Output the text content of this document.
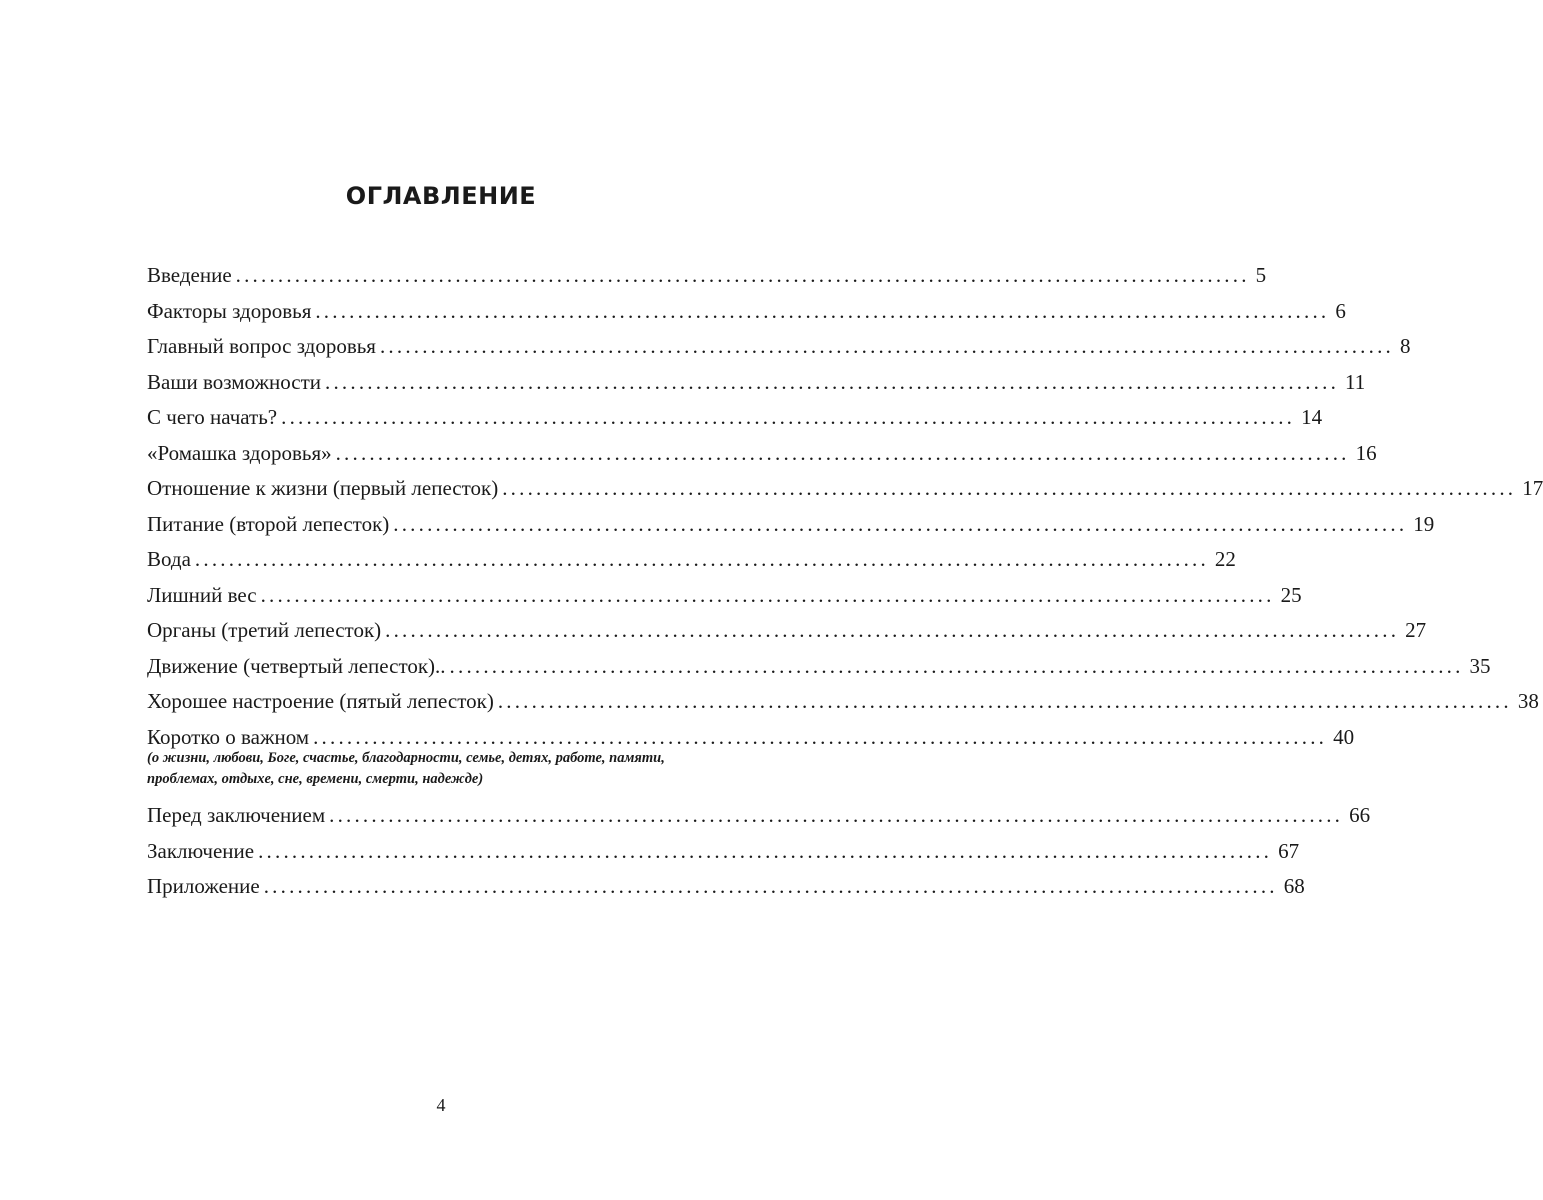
ОГЛАВЛЕНИЕ
Введение ........................................................................................................................ 5
Факторы здоровья ........................................................................................................................ 6
Главный вопрос здоровья ........................................................................................................................ 8
Ваши возможности ........................................................................................................................ 11
С чего начать? ........................................................................................................................ 14
«Ромашка здоровья» ........................................................................................................................ 16
Отношение к жизни (первый лепесток) ........................................................................................................................ 17
Питание (второй лепесток) ........................................................................................................................ 19
Вода ........................................................................................................................ 22
Лишний вес ........................................................................................................................ 25
Органы (третий лепесток) ........................................................................................................................ 27
Движение (четвертый лепесток).. ........................................................................................................................ 35
Хорошее настроение (пятый лепесток) ........................................................................................................................ 38
Коротко о важном ........................................................................................................................ 40
(о жизни, любови, Боге, счастье, благодарности, семье, детях, работе, памяти, проблемах, отдыхе, сне, времени, смерти, надежде)
Перед заключением ........................................................................................................................ 66
Заключение ........................................................................................................................ 67
Приложение ........................................................................................................................ 68
4
